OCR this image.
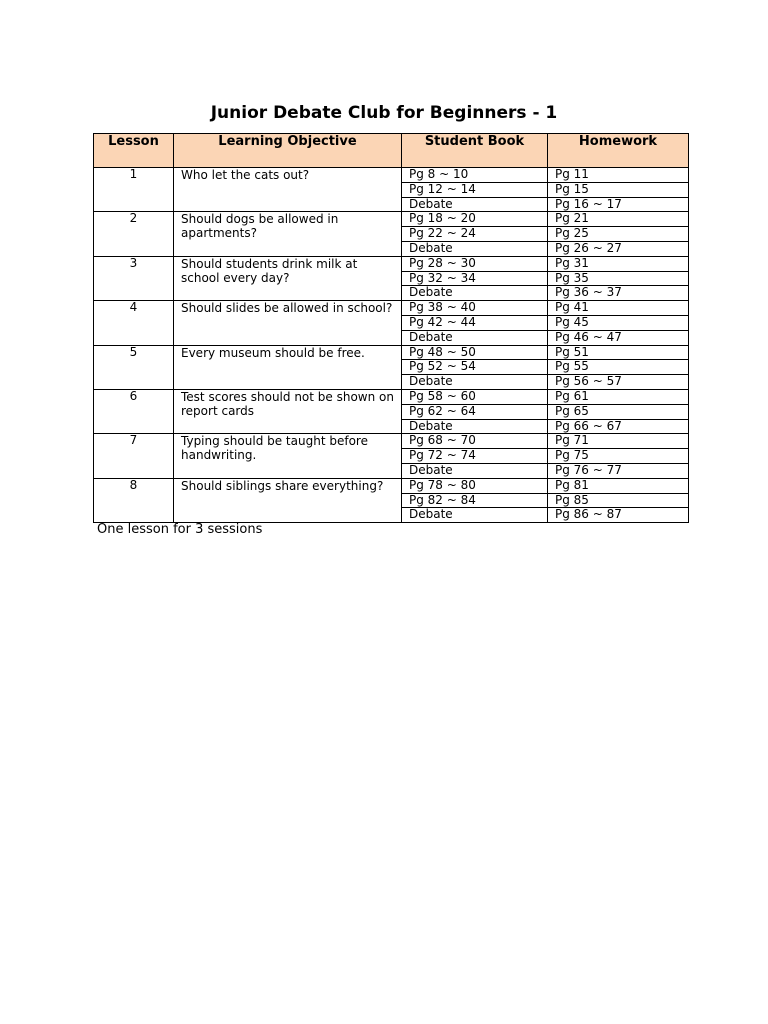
Junior Debate Club for Beginners - 1
Lesson	Learning Objective	Student Book	Homework
1	Who let the cats out?	Pg 8 ~ 10	Pg 11
		Pg 12 ~ 14	Pg 15
		Debate	Pg 16 ~ 17
2	Should dogs be allowed in apartments?	Pg 18 ~ 20	Pg 21
		Pg 22 ~ 24	Pg 25
		Debate	Pg 26 ~ 27
3	Should students drink milk at school every day?	Pg 28 ~ 30	Pg 31
		Pg 32 ~ 34	Pg 35
		Debate	Pg 36 ~ 37
4	Should slides be allowed in school?	Pg 38 ~ 40	Pg 41
		Pg 42 ~ 44	Pg 45
		Debate	Pg 46 ~ 47
5	Every museum should be free.	Pg 48 ~ 50	Pg 51
		Pg 52 ~ 54	Pg 55
		Debate	Pg 56 ~ 57
6	Test scores should not be shown on report cards	Pg 58 ~ 60	Pg 61
		Pg 62 ~ 64	Pg 65
		Debate	Pg 66 ~ 67
7	Typing should be taught before handwriting.	Pg 68 ~ 70	Pg 71
		Pg 72 ~ 74	Pg 75
		Debate	Pg 76 ~ 77
8	Should siblings share everything?	Pg 78 ~ 80	Pg 81
		Pg 82 ~ 84	Pg 85
		Debate	Pg 86 ~ 87
One lesson for 3 sessions
